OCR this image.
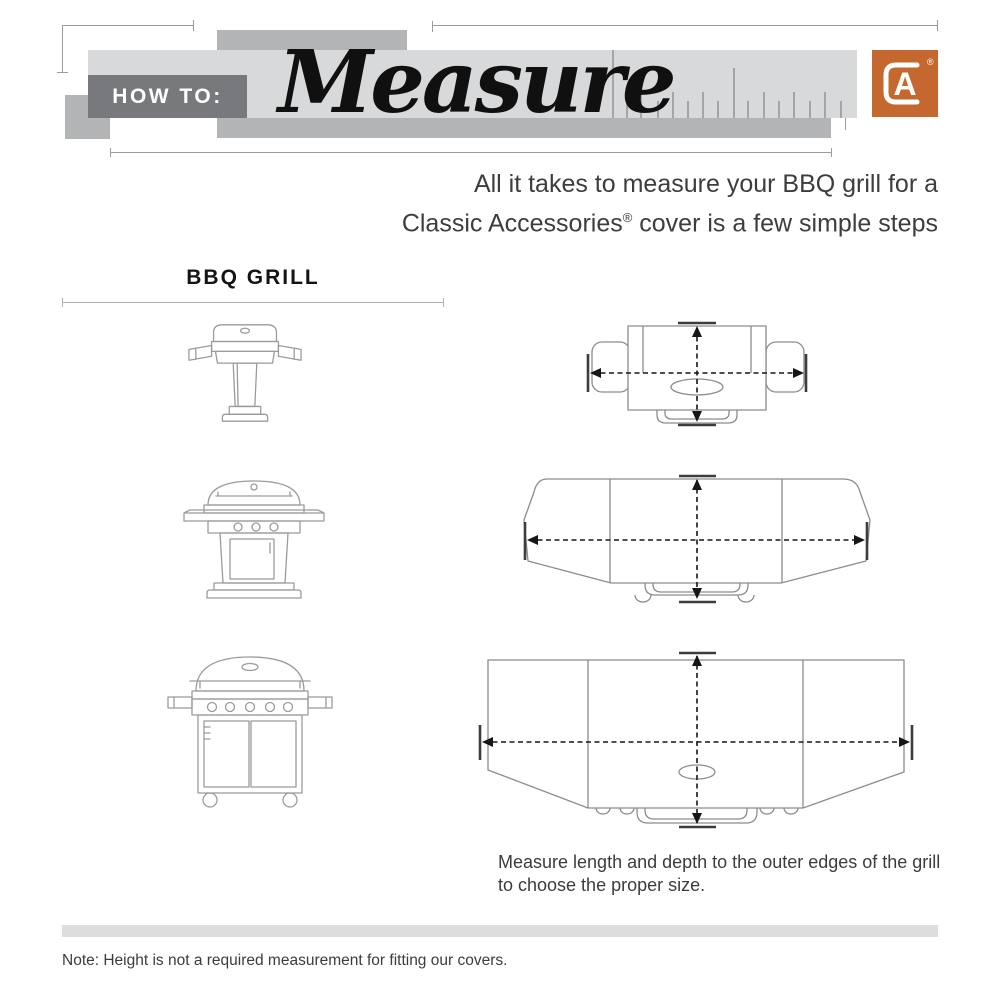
HOW TO: Measure	A
®
All it takes to measure your BBQ grill for a
Classic Accessories® cover is a few simple steps
BBQ GRILL
Measure length and depth to the outer edges of the grill
to choose the proper size.
Note: Height is not a required measurement for fitting our covers.
